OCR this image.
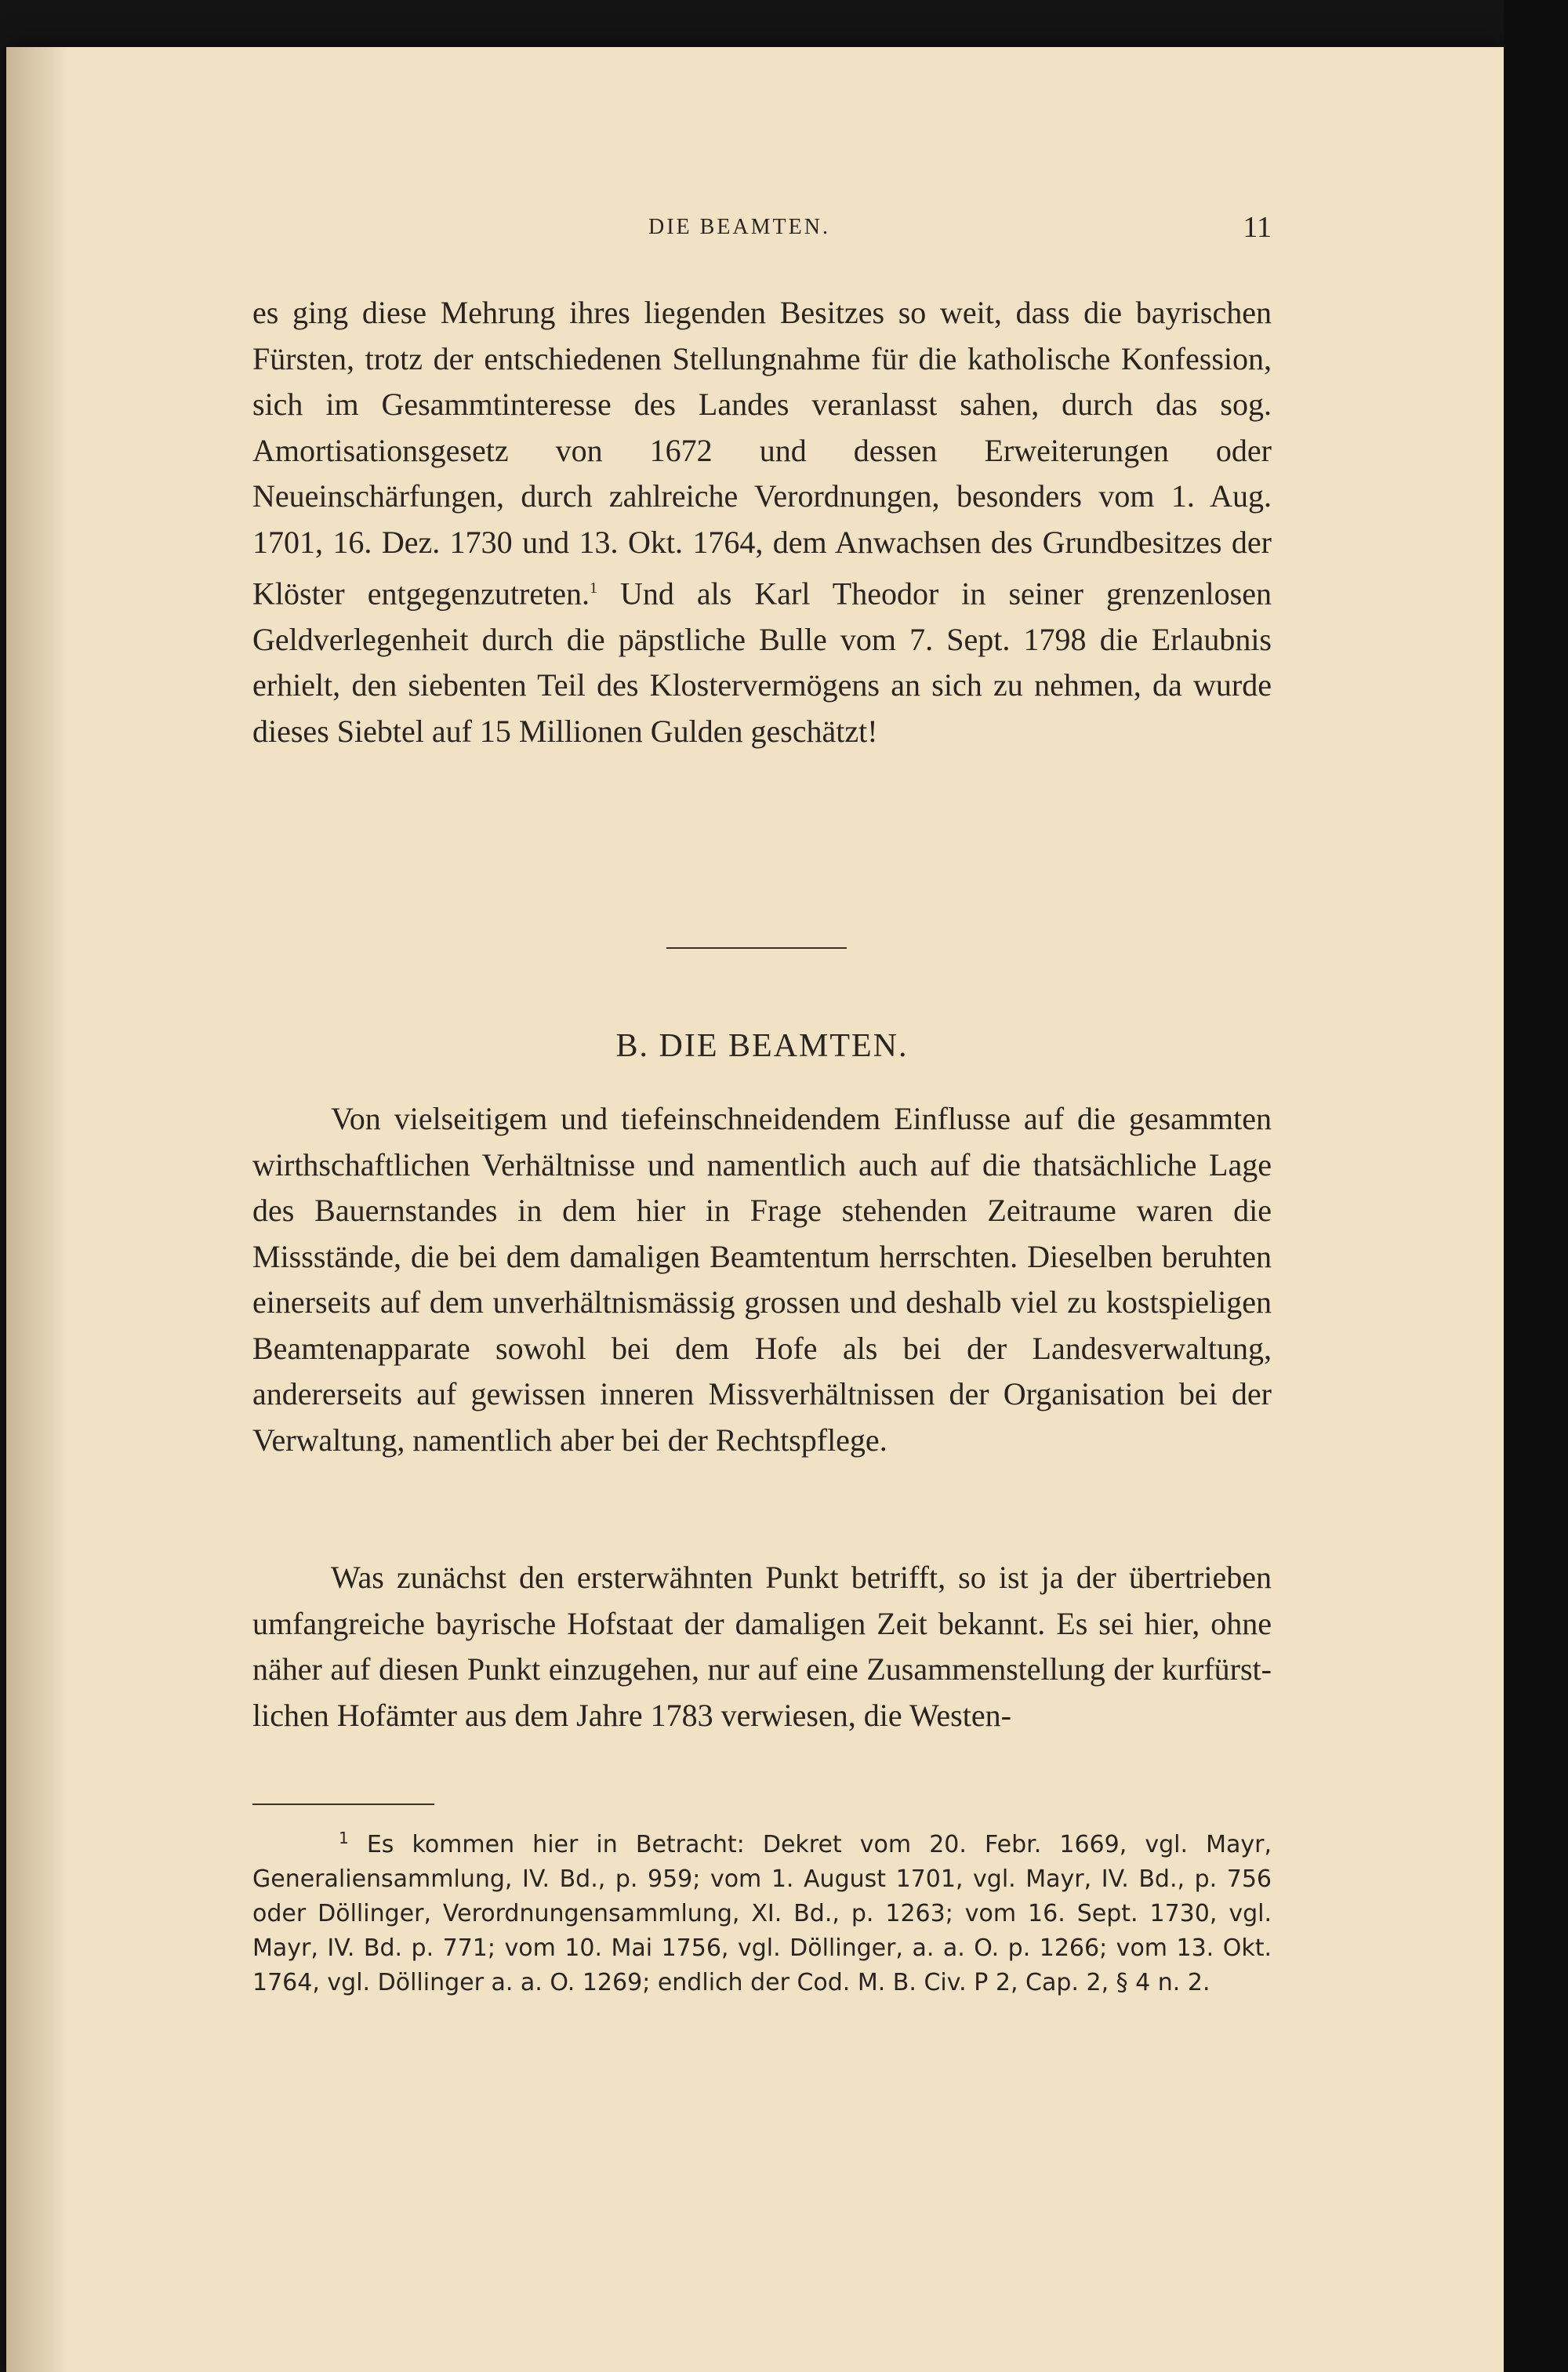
DIE BEAMTEN.	11

es ging diese Mehrung ihres liegenden Besitzes so weit, dass die bayrischen Fürsten, trotz der entschiedenen Stellungnahme für die katholische Konfession, sich im Gesammtinteresse des Landes veranlasst sahen, durch das sog. Amortisationsgesetz von 1672 und dessen Erweiterungen oder Neueinschärfungen, durch zahlreiche Verordnungen, besonders vom 1. Aug. 1701, 16. Dez. 1730 und 13. Okt. 1764, dem Anwachsen des Grundbesitzes der Klöster entgegenzutreten.$^1$ Und als Karl Theodor in seiner grenzenlosen Geldverlegenheit durch die päpstliche Bulle vom 7. Sept. 1798 die Erlaubnis erhielt, den siebenten Teil des Klostervermögens an sich zu nehmen, da wurde dieses Siebtel auf 15 Millionen Gulden geschätzt!

B. DIE BEAMTEN.

Von vielseitigem und tiefeinschneidendem Einflusse auf die gesammten wirthschaftlichen Verhältnisse und namentlich auch auf die thatsächliche Lage des Bauernstandes in dem hier in Frage stehenden Zeitraume waren die Missstände, die bei dem damaligen Beamtentum herrschten. Dieselben beruhten einerseits auf dem unverhältnismässig grossen und deshalb viel zu kostspieligen Beamtenapparate sowohl bei dem Hofe als bei der Landesverwaltung, andererseits auf gewissen inneren Missverhältnissen der Organisation bei der Verwaltung, namentlich aber bei der Rechtspflege.

Was zunächst den ersterwähnten Punkt betrifft, so ist ja der übertrieben umfangreiche bayrische Hofstaat der damaligen Zeit bekannt. Es sei hier, ohne näher auf diesen Punkt einzugehen, nur auf eine Zusammenstellung der kurfürstlichen Hofämter aus dem Jahre 1783 verwiesen, die Westen-

$^1$ Es kommen hier in Betracht: Dekret vom 20. Febr. 1669, vgl. Mayr, Generaliensammlung, IV. Bd., p. 959; vom 1. August 1701, vgl. Mayr, IV. Bd., p. 756 oder Döllinger, Verordnungensammlung, XI. Bd., p. 1263; vom 16. Sept. 1730, vgl. Mayr, IV. Bd. p. 771; vom 10. Mai 1756, vgl. Döllinger, a. a. O. p. 1266; vom 13. Okt. 1764, vgl. Döllinger a. a. O. 1269; endlich der Cod. M. B. Civ. P 2, Cap. 2, § 4 n. 2.
